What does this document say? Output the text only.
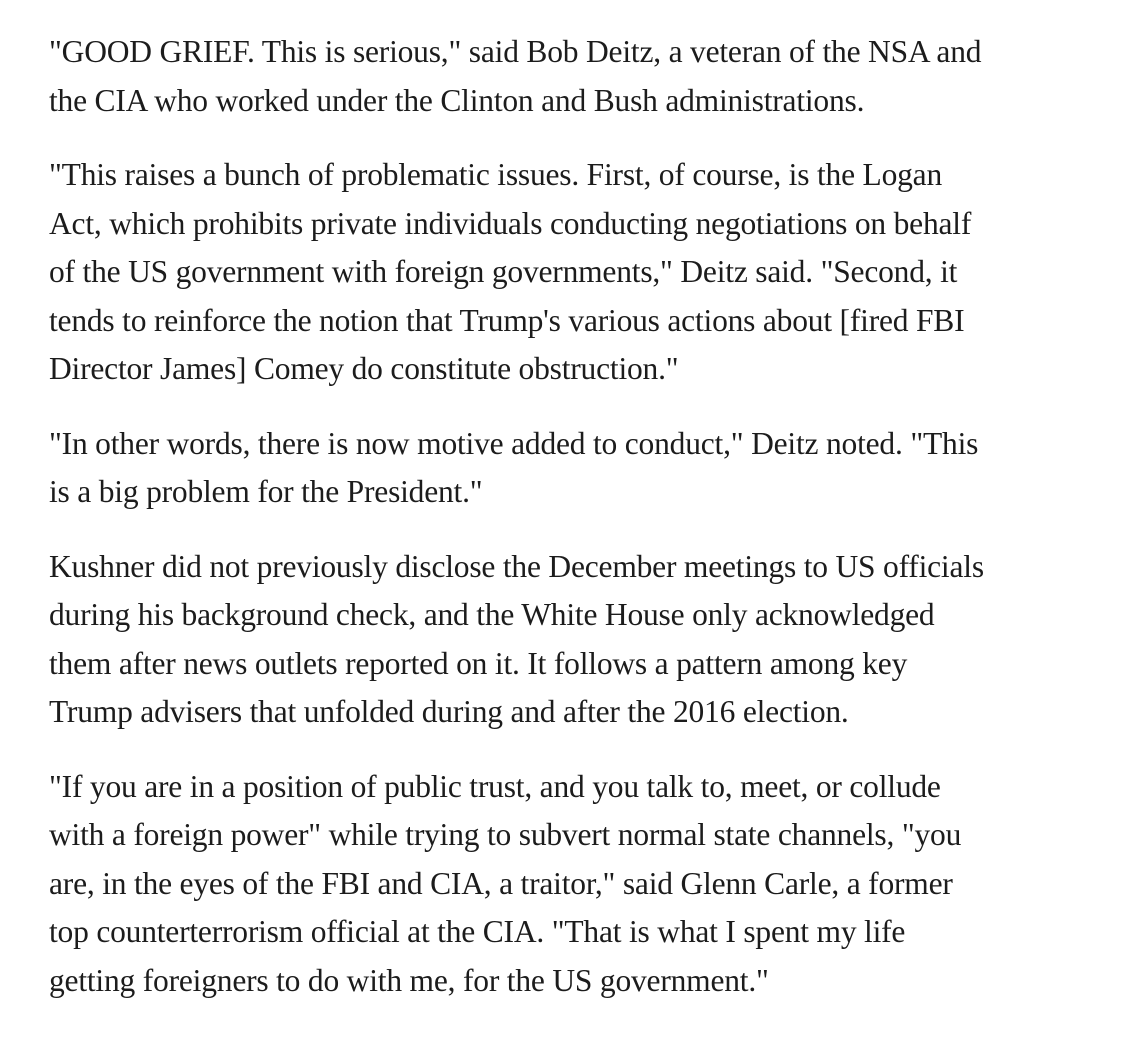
"GOOD GRIEF. This is serious," said Bob Deitz, a veteran of the NSA and
the CIA who worked under the Clinton and Bush administrations.

"This raises a bunch of problematic issues. First, of course, is the Logan
Act, which prohibits private individuals conducting negotiations on behalf
of the US government with foreign governments," Deitz said. "Second, it
tends to reinforce the notion that Trump's various actions about [fired FBI
Director James] Comey do constitute obstruction."

"In other words, there is now motive added to conduct," Deitz noted. "This
is a big problem for the President."

Kushner did not previously disclose the December meetings to US officials
during his background check, and the White House only acknowledged
them after news outlets reported on it. It follows a pattern among key
Trump advisers that unfolded during and after the 2016 election.

"If you are in a position of public trust, and you talk to, meet, or collude
with a foreign power" while trying to subvert normal state channels, "you
are, in the eyes of the FBI and CIA, a traitor," said Glenn Carle, a former
top counterterrorism official at the CIA. "That is what I spent my life
getting foreigners to do with me, for the US government."
